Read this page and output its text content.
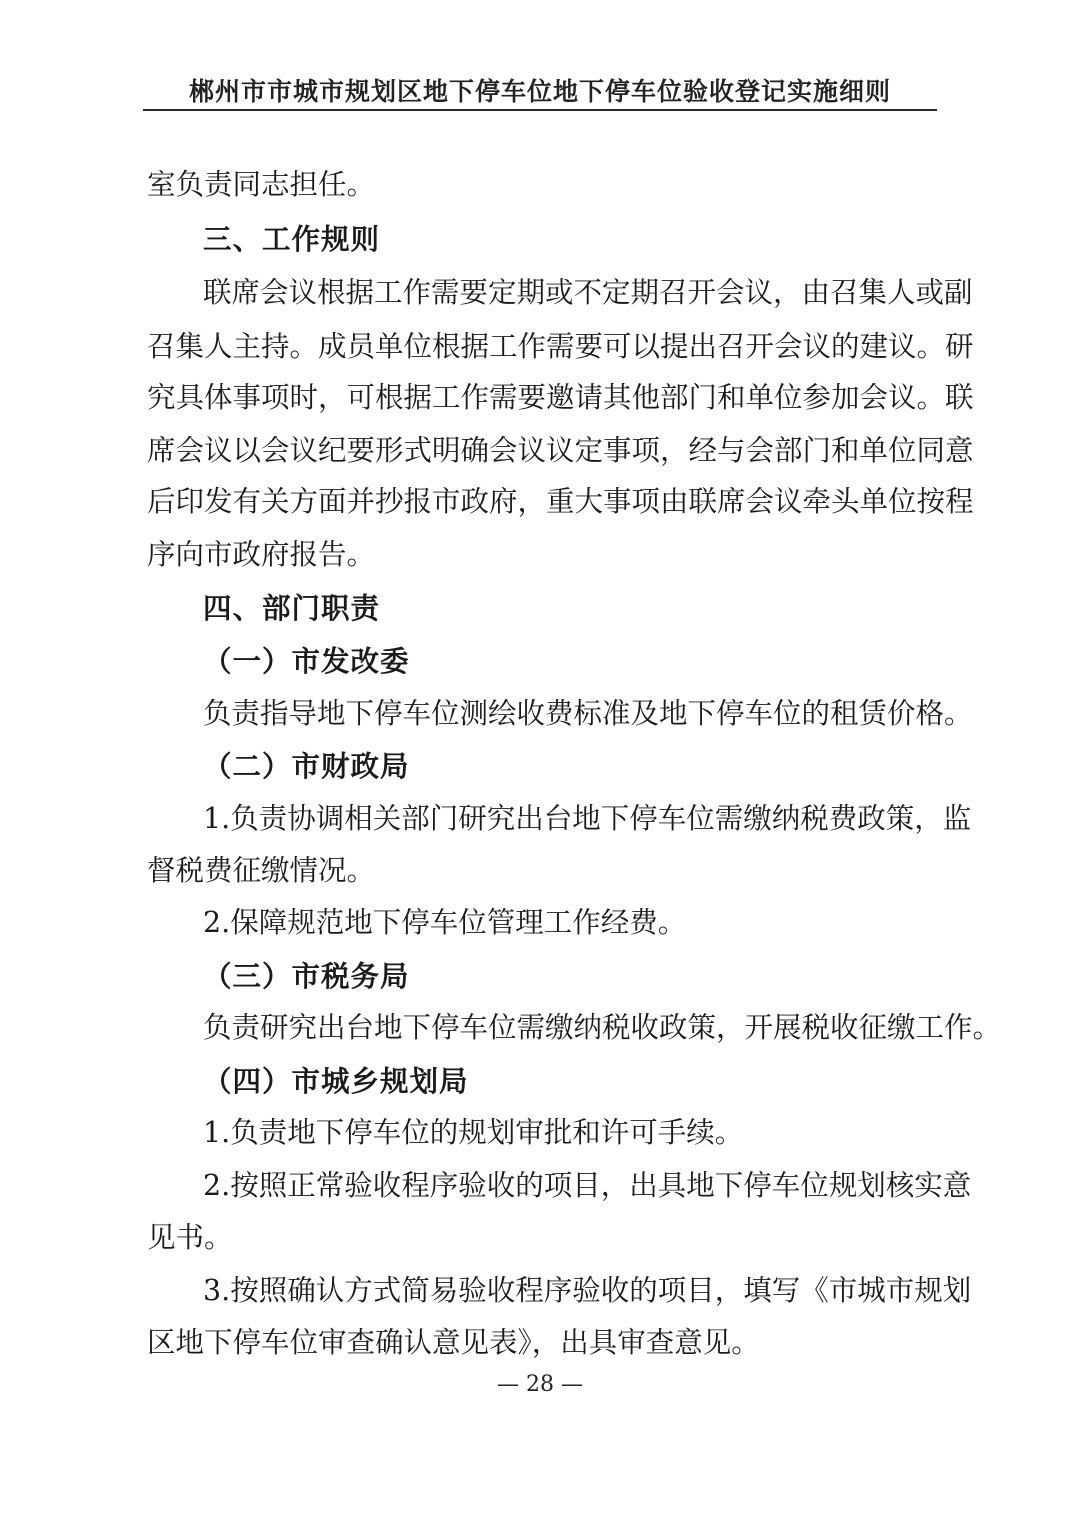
郴州市市城市规划区地下停车位地下停车位验收登记实施细则
室负责同志担任。
三、工作规则
联席会议根据工作需要定期或不定期召开会议，由召集人或副
召集人主持。成员单位根据工作需要可以提出召开会议的建议。研
究具体事项时，可根据工作需要邀请其他部门和单位参加会议。联
席会议以会议纪要形式明确会议议定事项，经与会部门和单位同意
后印发有关方面并抄报市政府，重大事项由联席会议牵头单位按程
序向市政府报告。
四、部门职责
（一）市发改委
负责指导地下停车位测绘收费标准及地下停车位的租赁价格。
（二）市财政局
1.负责协调相关部门研究出台地下停车位需缴纳税费政策，监
督税费征缴情况。
2.保障规范地下停车位管理工作经费。
（三）市税务局
负责研究出台地下停车位需缴纳税收政策，开展税收征缴工作。
（四）市城乡规划局
1.负责地下停车位的规划审批和许可手续。
2.按照正常验收程序验收的项目，出具地下停车位规划核实意
见书。
3.按照确认方式简易验收程序验收的项目，填写《市城市规划
区地下停车位审查确认意见表》，出具审查意见。
— 28 —
